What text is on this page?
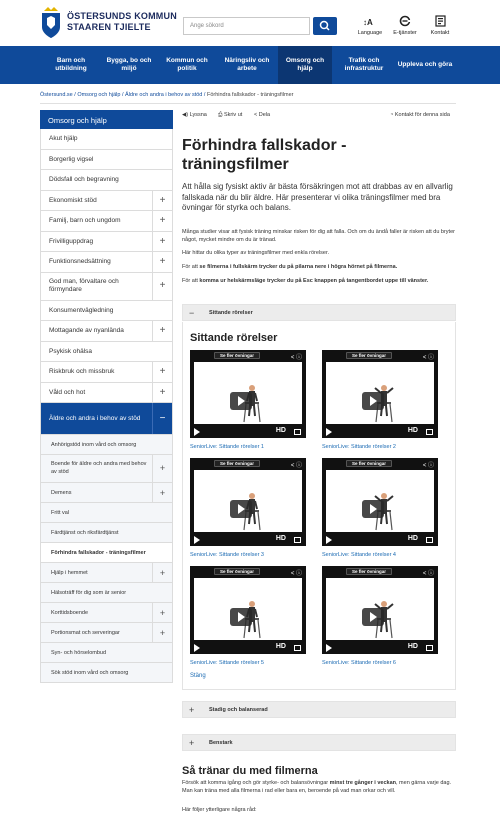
ÖSTERSUNDS KOMMUN
STAAREN TJIELTE	Ange sökord	↕A
Language	E-tjänster	Kontakt
Barn och utbildning
Bygga, bo och miljö
Kommun och politik
Näringsliv och arbete
Omsorg och hjälp
Trafik och infrastruktur
Uppleva och göra
Östersund.se / Omsorg och hjälp / Äldre och andra i behov av stöd / Förhindra fallskador - träningsfilmer
Omsorg och hjälp
Akut hjälp
Borgerlig vigsel
Dödsfall och begravning
Ekonomiskt stöd	+
Familj, barn och ungdom	+
Frivilliguppdrag	+
Funktionsnedsättning	+
God man, förvaltare och förmyndare	+
Konsumentvägledning
Mottagande av nyanlända	+
Psykisk ohälsa
Riskbruk och missbruk	+
Våld och hot	+
Äldre och andra i behov av stöd	−
Anhörigstöd inom vård och omsorg
Boende för äldre och andra med behov av stöd	+
Demens	+
Fritt val
Färdtjänst och riksfärdtjänst
Förhindra fallskador - träningsfilmer
Hjälp i hemmet	+
Hälsoträff för dig som är senior
Korttidsboende	+
Portionsmat och serveringar	+
Syn- och hörselombud
Sök stöd inom vård och omsorg
◀) Lyssna ⎙ Skriv ut < Dela	◔ Kontakt för denna sida
Förhindra fallskador - träningsfilmer
Att hålla sig fysiskt aktiv är bästa försäkringen mot att drabbas av en allvarlig fallskada när du blir äldre. Här presenterar vi olika träningsfilmer med bra övningar för styrka och balans.
Många studier visar att fysisk träning minskar risken för dig att falla. Och om du ändå faller är risken att du bryter något, mycket mindre om du är tränad.
Här hittar du olika typer av träningsfilmer med enkla rörelser.
För att se filmerna i fullskärm trycker du på pilarna nere i högra hörnet på filmerna.
För att komma ur helskärmsläge trycker du på Esc knappen på tangentbordet uppe till vänster.
−	Sittande rörelser
Sittande rörelser
Se fler övningar	< ⓘ
HD
SeniorLive: Sittande rörelser 1
Se fler övningar	< ⓘ
HD
SeniorLive: Sittande rörelser 2
Se fler övningar	< ⓘ
HD
SeniorLive: Sittande rörelser 3
Se fler övningar	< ⓘ
HD
SeniorLive: Sittande rörelser 4
Se fler övningar	< ⓘ
HD
SeniorLive: Sittande rörelser 5
Se fler övningar	< ⓘ
HD
SeniorLive: Sittande rörelser 6
Stäng
+	Stadig och balanserad
+	Benstark
Så tränar du med filmerna
Försök att komma igång och gör styrke- och balansövningar minst tre gånger i veckan, men gärna varje dag. Man kan träna med alla filmerna i rad eller bara en, beroende på vad man orkar och vill.
Här följer ytterligare några råd:
